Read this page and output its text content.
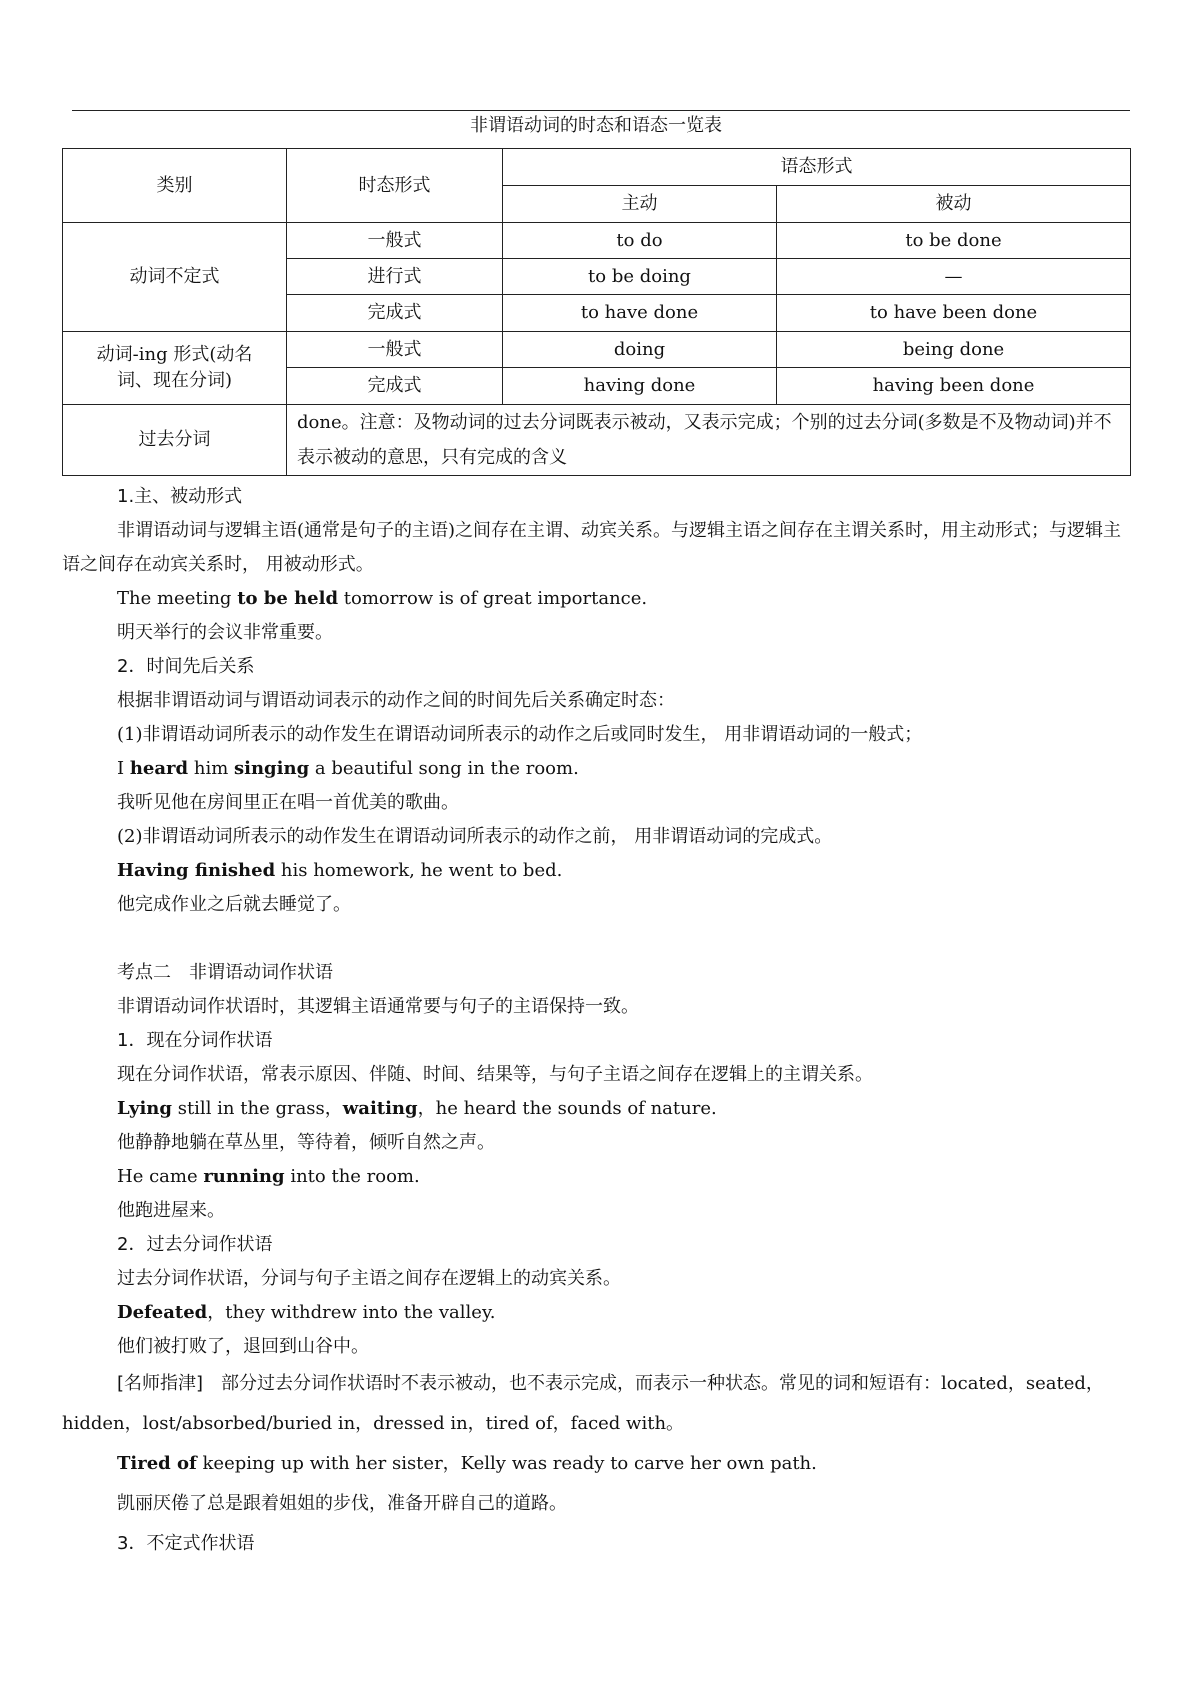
非谓语动词的时态和语态一览表
类别	时态形式	语态形式	
		主动	被动
动词不定式	一般式	to do	to be done
	进行式	to be doing	—
	完成式	to have done	to have been done
动词-ing 形式(动名词、现在分词)	一般式	doing	being done
	完成式	having done	having been done
过去分词	done。注意：及物动词的过去分词既表示被动，又表示完成；个别的过去分词(多数是不及物动词)并不表示被动的意思，只有完成的含义		

1.主、被动形式

非谓语动词与逻辑主语(通常是句子的主语)之间存在主谓、动宾关系。与逻辑主语之间存在主谓关系时，用主动形式；与逻辑主语之间存在动宾关系时， 用被动形式。

The meeting to be held tomorrow is of great importance.

明天举行的会议非常重要。

2．时间先后关系

根据非谓语动词与谓语动词表示的动作之间的时间先后关系确定时态：

(1)非谓语动词所表示的动作发生在谓语动词所表示的动作之后或同时发生， 用非谓语动词的一般式；

I heard him singing a beautiful song in the room.

我听见他在房间里正在唱一首优美的歌曲。

(2)非谓语动词所表示的动作发生在谓语动词所表示的动作之前， 用非谓语动词的完成式。

Having finished his homework, he went to bed.

他完成作业之后就去睡觉了。

考点二　非谓语动词作状语

非谓语动词作状语时，其逻辑主语通常要与句子的主语保持一致。

1．现在分词作状语

现在分词作状语，常表示原因、伴随、时间、结果等，与句子主语之间存在逻辑上的主谓关系。

Lying still in the grass，waiting，he heard the sounds of nature.

他静静地躺在草丛里，等待着，倾听自然之声。

He came running into the room.

他跑进屋来。

2．过去分词作状语

过去分词作状语，分词与句子主语之间存在逻辑上的动宾关系。

Defeated，they withdrew into the valley.

他们被打败了，退回到山谷中。

[名师指津]　部分过去分词作状语时不表示被动，也不表示完成，而表示一种状态。常见的词和短语有：located，seated，hidden，lost/absorbed/buried in，dressed in，tired of，faced with。

Tired of keeping up with her sister，Kelly was ready to carve her own path.

凯丽厌倦了总是跟着姐姐的步伐，准备开辟自己的道路。

3．不定式作状语
